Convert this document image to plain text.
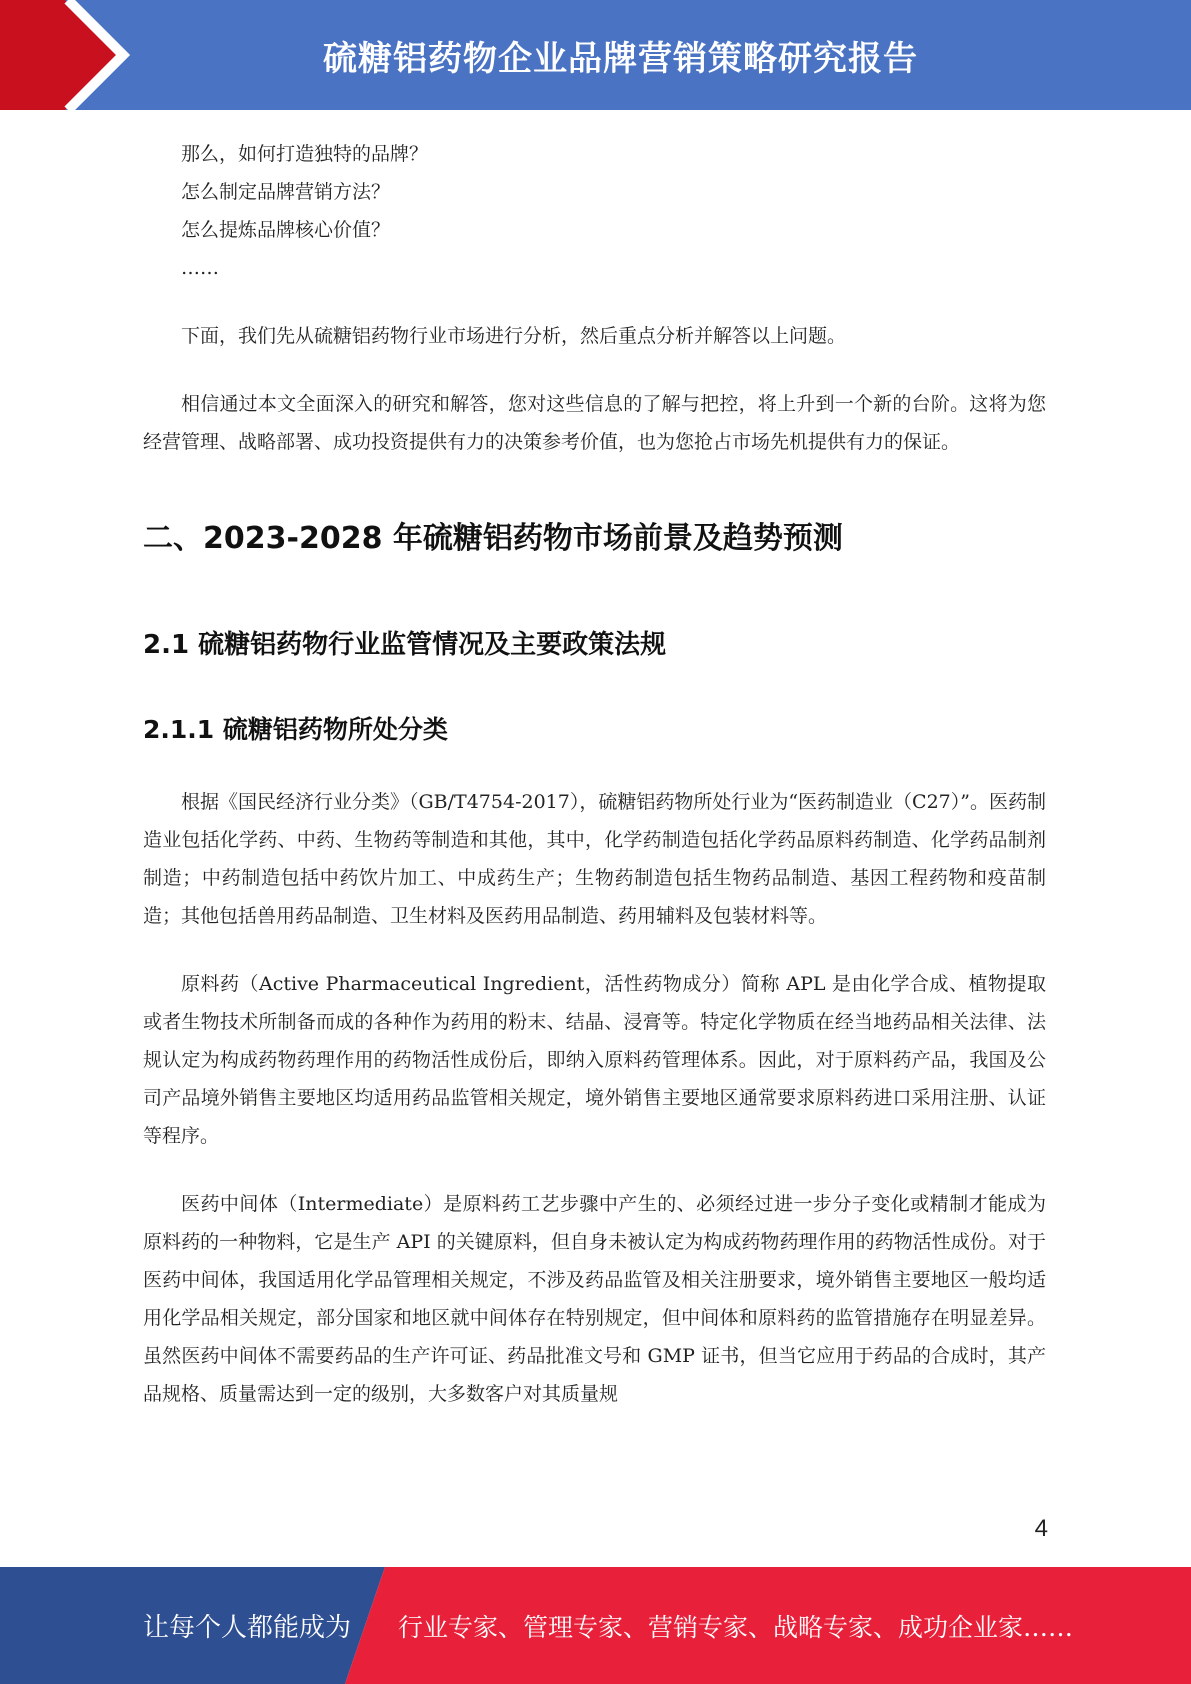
硫糖铝药物企业品牌营销策略研究报告

那么，如何打造独特的品牌？

怎么制定品牌营销方法？

怎么提炼品牌核心价值？

……

下面，我们先从硫糖铝药物行业市场进行分析，然后重点分析并解答以上问题。

相信通过本文全面深入的研究和解答，您对这些信息的了解与把控，将上升到一个新的台阶。这将为您经营管理、战略部署、成功投资提供有力的决策参考价值，也为您抢占市场先机提供有力的保证。

二、2023-2028 年硫糖铝药物市场前景及趋势预测
2.1 硫糖铝药物行业监管情况及主要政策法规
2.1.1 硫糖铝药物所处分类

根据《国民经济行业分类》（GB/T4754-2017），硫糖铝药物所处行业为“医药制造业（C27）”。医药制造业包括化学药、中药、生物药等制造和其他，其中，化学药制造包括化学药品原料药制造、化学药品制剂制造；中药制造包括中药饮片加工、中成药生产；生物药制造包括生物药品制造、基因工程药物和疫苗制造；其他包括兽用药品制造、卫生材料及医药用品制造、药用辅料及包装材料等。

原料药（Active Pharmaceutical Ingredient，活性药物成分）简称 APL 是由化学合成、植物提取或者生物技术所制备而成的各种作为药用的粉末、结晶、浸膏等。特定化学物质在经当地药品相关法律、法规认定为构成药物药理作用的药物活性成份后，即纳入原料药管理体系。因此，对于原料药产品，我国及公司产品境外销售主要地区均适用药品监管相关规定，境外销售主要地区通常要求原料药进口采用注册、认证等程序。

医药中间体（Intermediate）是原料药工艺步骤中产生的、必须经过进一步分子变化或精制才能成为原料药的一种物料，它是生产 API 的关键原料，但自身未被认定为构成药物药理作用的药物活性成份。对于医药中间体，我国适用化学品管理相关规定，不涉及药品监管及相关注册要求，境外销售主要地区一般均适用化学品相关规定，部分国家和地区就中间体存在特别规定，但中间体和原料药的监管措施存在明显差异。虽然医药中间体不需要药品的生产许可证、药品批准文号和 GMP 证书，但当它应用于药品的合成时，其产品规格、质量需达到一定的级别，大多数客户对其质量规

4
让每个人都能成为 行业专家、管理专家、营销专家、战略专家、成功企业家……
